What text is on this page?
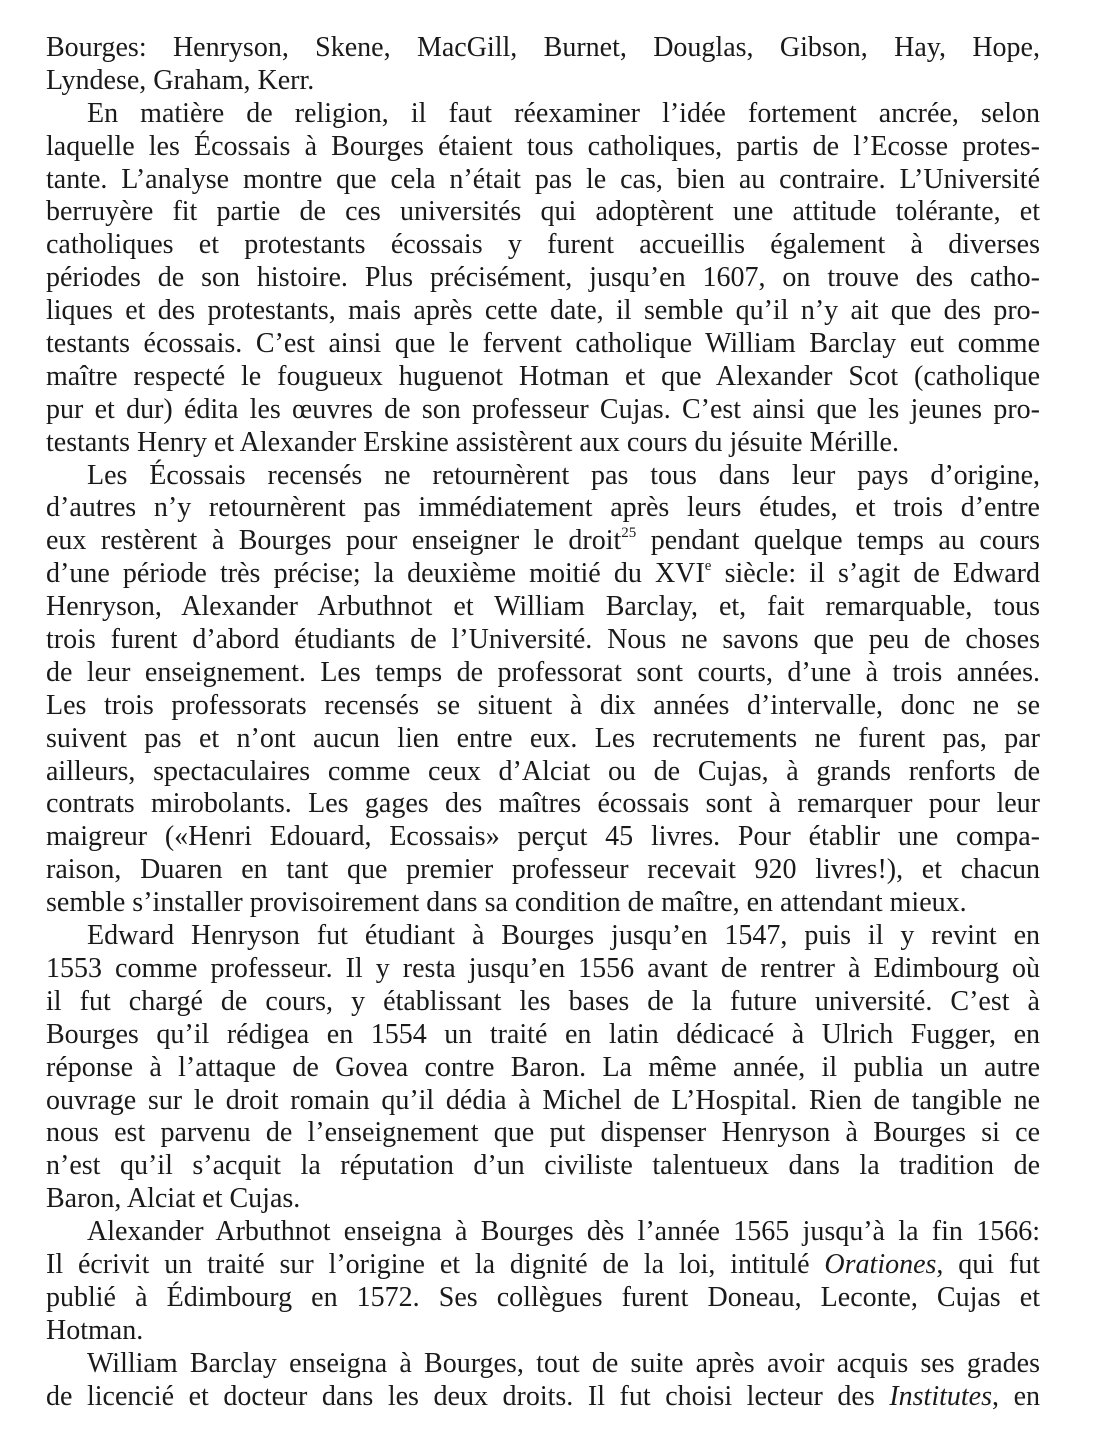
Bourges: Henryson, Skene, MacGill, Burnet, Douglas, Gibson, Hay, Hope,
Lyndese, Graham, Kerr.

En matière de religion, il faut réexaminer l’idée fortement ancrée, selon
laquelle les Écossais à Bourges étaient tous catholiques, partis de l’Ecosse protes-
tante. L’analyse montre que cela n’était pas le cas, bien au contraire. L’Université
berruyère fit partie de ces universités qui adoptèrent une attitude tolérante, et
catholiques et protestants écossais y furent accueillis également à diverses
périodes de son histoire. Plus précisément, jusqu’en 1607, on trouve des catho-
liques et des protestants, mais après cette date, il semble qu’il n’y ait que des pro-
testants écossais. C’est ainsi que le fervent catholique William Barclay eut comme
maître respecté le fougueux huguenot Hotman et que Alexander Scot (catholique
pur et dur) édita les œuvres de son professeur Cujas. C’est ainsi que les jeunes pro-
testants Henry et Alexander Erskine assistèrent aux cours du jésuite Mérille.

Les Écossais recensés ne retournèrent pas tous dans leur pays d’origine,
d’autres n’y retournèrent pas immédiatement après leurs études, et trois d’entre
eux restèrent à Bourges pour enseigner le droit$^{25}$ pendant quelque temps au cours
d’une période très précise; la deuxième moitié du XVIe siècle: il s’agit de Edward
Henryson, Alexander Arbuthnot et William Barclay, et, fait remarquable, tous
trois furent d’abord étudiants de l’Université. Nous ne savons que peu de choses
de leur enseignement. Les temps de professorat sont courts, d’une à trois années.
Les trois professorats recensés se situent à dix années d’intervalle, donc ne se
suivent pas et n’ont aucun lien entre eux. Les recrutements ne furent pas, par
ailleurs, spectaculaires comme ceux d’Alciat ou de Cujas, à grands renforts de
contrats mirobolants. Les gages des maîtres écossais sont à remarquer pour leur
maigreur («Henri Edouard, Ecossais» perçut 45 livres. Pour établir une compa-
raison, Duaren en tant que premier professeur recevait 920 livres!), et chacun
semble s’installer provisoirement dans sa condition de maître, en attendant mieux.

Edward Henryson fut étudiant à Bourges jusqu’en 1547, puis il y revint en
1553 comme professeur. Il y resta jusqu’en 1556 avant de rentrer à Edimbourg où
il fut chargé de cours, y établissant les bases de la future université. C’est à
Bourges qu’il rédigea en 1554 un traité en latin dédicacé à Ulrich Fugger, en
réponse à l’attaque de Govea contre Baron. La même année, il publia un autre
ouvrage sur le droit romain qu’il dédia à Michel de L’Hospital. Rien de tangible ne
nous est parvenu de l’enseignement que put dispenser Henryson à Bourges si ce
n’est qu’il s’acquit la réputation d’un civiliste talentueux dans la tradition de
Baron, Alciat et Cujas.

Alexander Arbuthnot enseigna à Bourges dès l’année 1565 jusqu’à la fin 1566:
Il écrivit un traité sur l’origine et la dignité de la loi, intitulé Orationes, qui fut
publié à Édimbourg en 1572. Ses collègues furent Doneau, Leconte, Cujas et
Hotman.

William Barclay enseigna à Bourges, tout de suite après avoir acquis ses grades
de licencié et docteur dans les deux droits. Il fut choisi lecteur des Institutes, en
